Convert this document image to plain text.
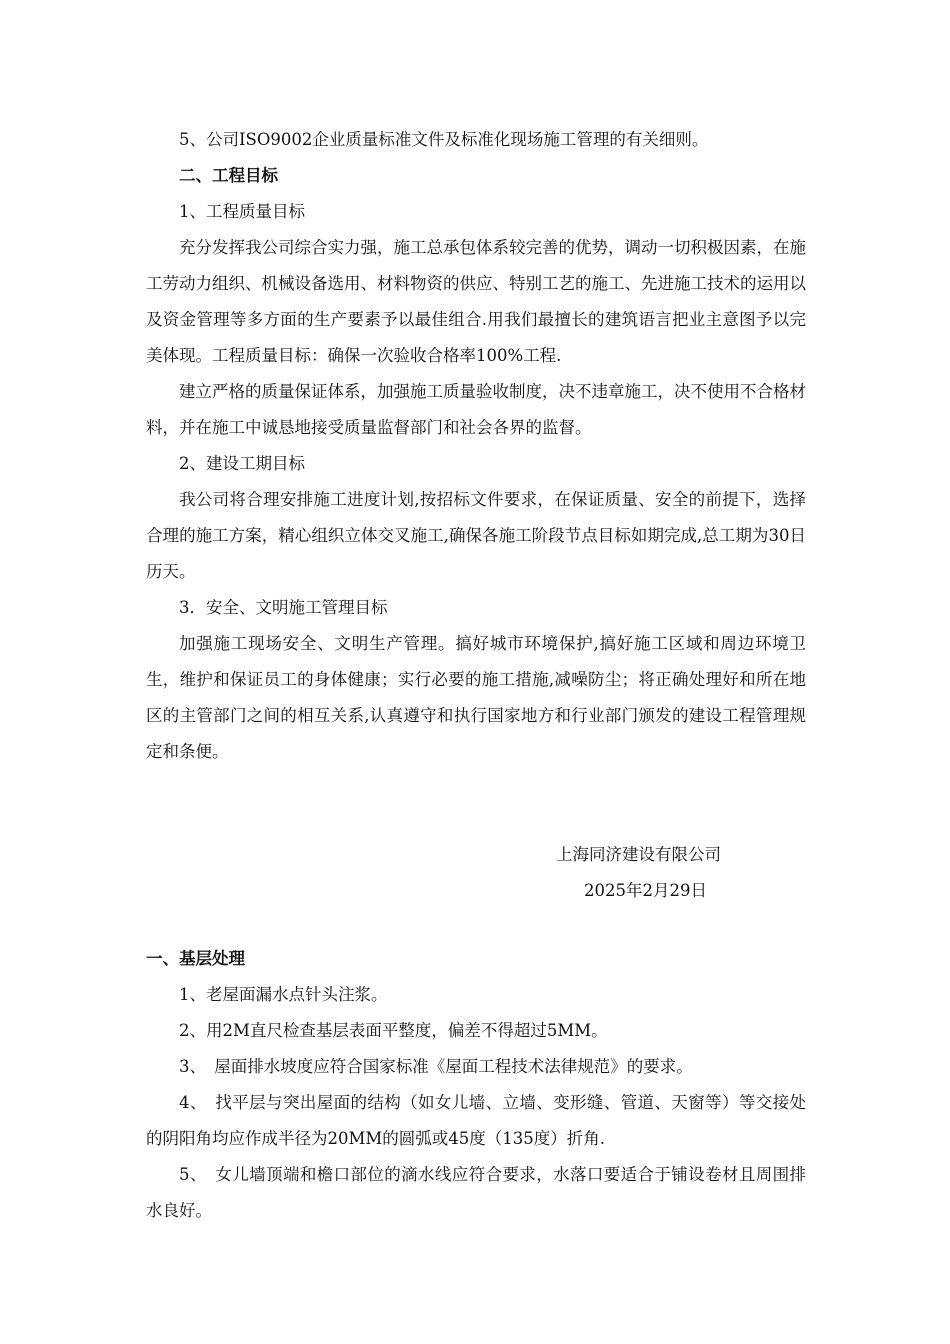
5、公司ISO9002企业质量标准文件及标准化现场施工管理的有关细则。

二、工程目标

1、工程质量目标

充分发挥我公司综合实力强，施工总承包体系较完善的优势，调动一切积极因素，在施工劳动力组织、机械设备选用、材料物资的供应、特别工艺的施工、先进施工技术的运用以及资金管理等多方面的生产要素予以最佳组合.用我们最擅长的建筑语言把业主意图予以完美体现。工程质量目标：确保一次验收合格率100%工程.

建立严格的质量保证体系，加强施工质量验收制度，决不违章施工，决不使用不合格材料，并在施工中诚恳地接受质量监督部门和社会各界的监督。

2、建设工期目标

我公司将合理安排施工进度计划,按招标文件要求，在保证质量、安全的前提下，选择合理的施工方案，精心组织立体交叉施工,确保各施工阶段节点目标如期完成,总工期为30日历天。

3．安全、文明施工管理目标

加强施工现场安全、文明生产管理。搞好城市环境保护,搞好施工区域和周边环境卫生，维护和保证员工的身体健康；实行必要的施工措施,减噪防尘；将正确处理好和所在地区的主管部门之间的相互关系,认真遵守和执行国家地方和行业部门颁发的建设工程管理规定和条便。

上海同济建设有限公司

2025年2月29日

一、基层处理

1、老屋面漏水点针头注浆。

2、用2M直尺检查基层表面平整度，偏差不得超过5MM。

3、　屋面排水坡度应符合国家标准《屋面工程技术法律规范》的要求。

4、　找平层与突出屋面的结构（如女儿墙、立墙、变形缝、管道、天窗等）等交接处的阴阳角均应作成半径为20MM的圆弧或45度（135度）折角.

5、　女儿墙顶端和檐口部位的滴水线应符合要求，水落口要适合于铺设卷材且周围排水良好。
